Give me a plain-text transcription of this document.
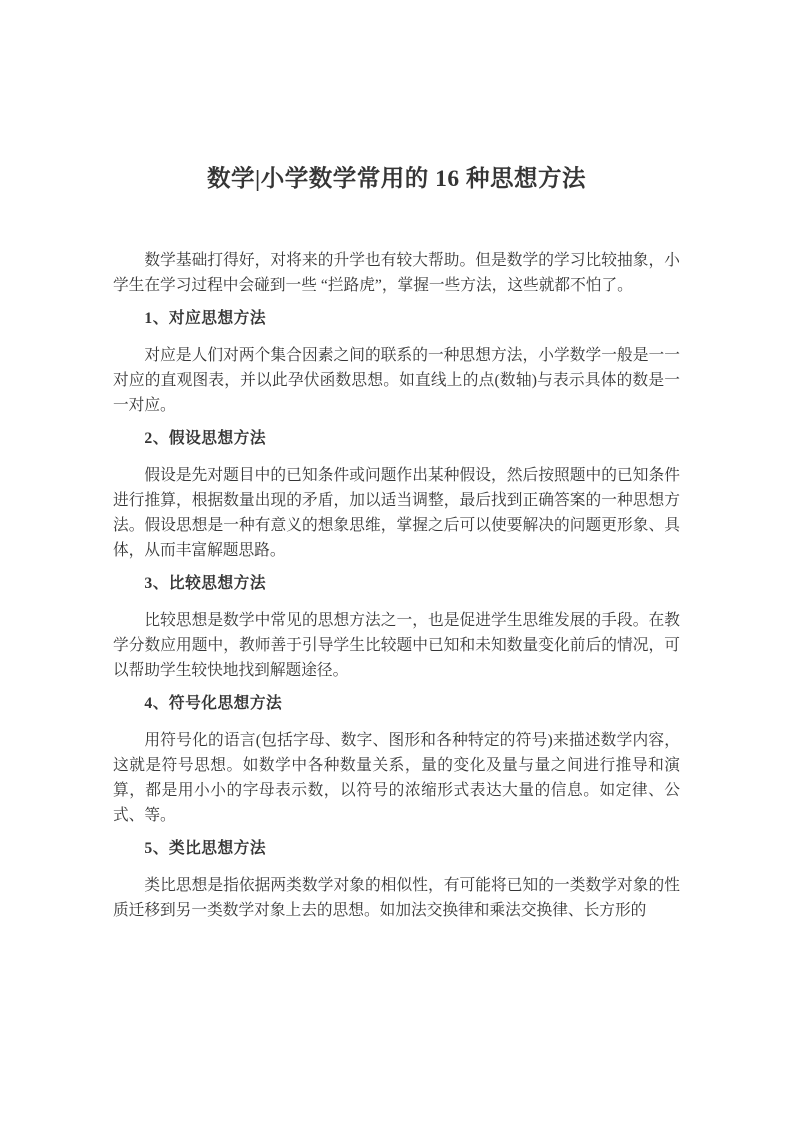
数学|小学数学常用的 16 种思想方法

数学基础打得好，对将来的升学也有较大帮助。但是数学的学习比较抽象，小学生在学习过程中会碰到一些 “拦路虎”，掌握一些方法，这些就都不怕了。

1、对应思想方法

对应是人们对两个集合因素之间的联系的一种思想方法，小学数学一般是一一对应的直观图表，并以此孕伏函数思想。如直线上的点(数轴)与表示具体的数是一一对应。

2、假设思想方法

假设是先对题目中的已知条件或问题作出某种假设，然后按照题中的已知条件进行推算，根据数量出现的矛盾，加以适当调整，最后找到正确答案的一种思想方法。假设思想是一种有意义的想象思维，掌握之后可以使要解决的问题更形象、具体，从而丰富解题思路。

3、比较思想方法

比较思想是数学中常见的思想方法之一，也是促进学生思维发展的手段。在教学分数应用题中，教师善于引导学生比较题中已知和未知数量变化前后的情况，可以帮助学生较快地找到解题途径。

4、符号化思想方法

用符号化的语言(包括字母、数字、图形和各种特定的符号)来描述数学内容，这就是符号思想。如数学中各种数量关系，量的变化及量与量之间进行推导和演算，都是用小小的字母表示数，以符号的浓缩形式表达大量的信息。如定律、公式、等。

5、类比思想方法

类比思想是指依据两类数学对象的相似性，有可能将已知的一类数学对象的性质迁移到另一类数学对象上去的思想。如加法交换律和乘法交换律、长方形的
